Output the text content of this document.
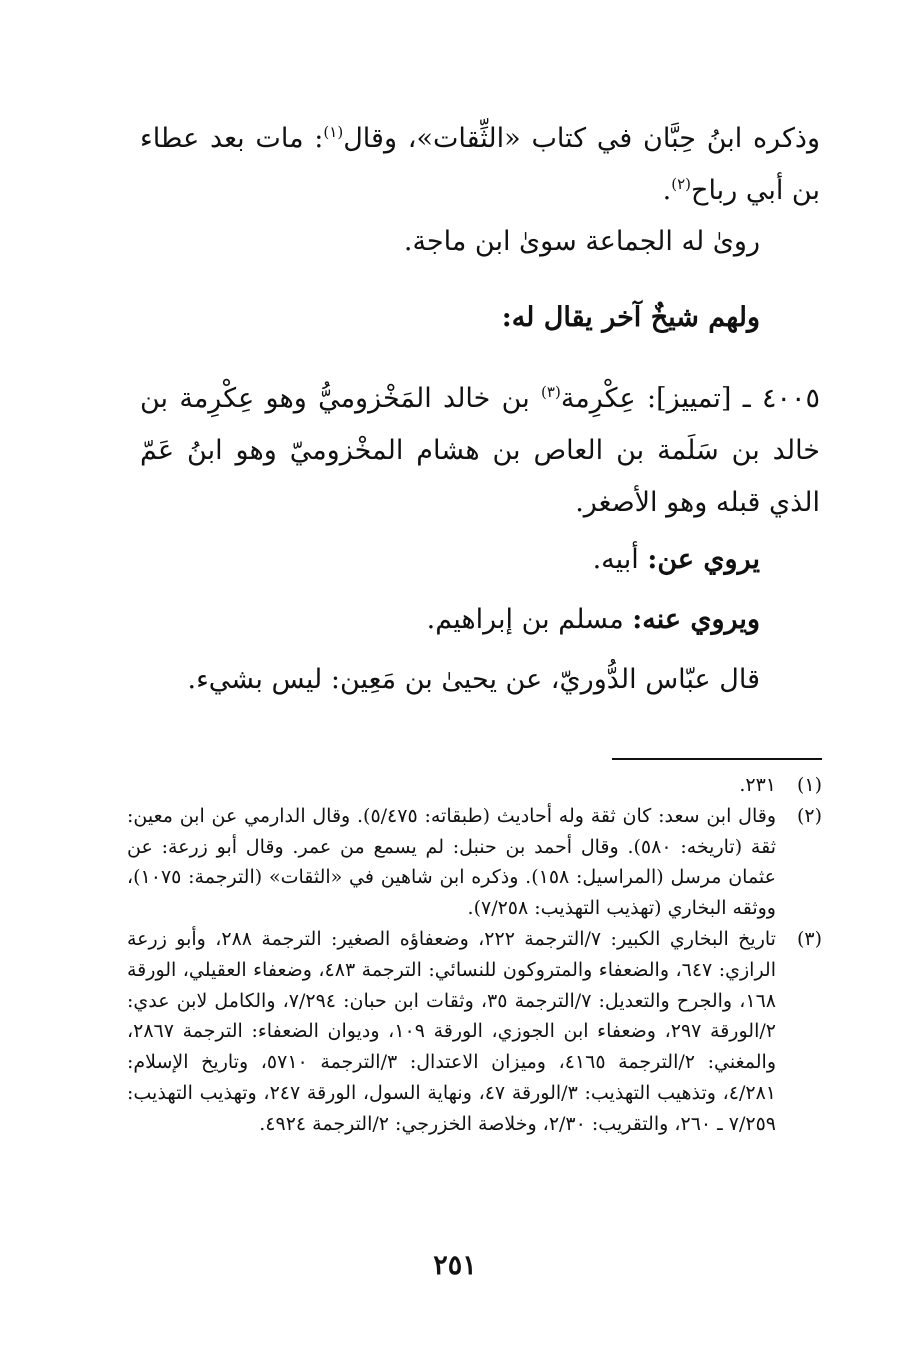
وذكره ابنُ حِبَّان في كتاب «الثِّقات»، وقال$^{(١)}$: مات بعد عطاء بن أبي رباح$^{(٢)}$.

روىٰ له الجماعة سوىٰ ابن ماجة.

ولهم شيخٌ آخر يقال له:

٤٠٠٥ ـ [تمييز]: عِكْرِمة$^{(٣)}$ بن خالد المَخْزوميُّ وهو عِكْرِمة بن خالد بن سَلَمة بن العاص بن هشام المخْزوميّ وهو ابنُ عَمّ الذي قبله وهو الأصغر.

يروي عن: أبيه.

ويروي عنه: مسلم بن إبراهيم.

قال عبّاس الدُّوريّ، عن يحيىٰ بن مَعِين: ليس بشيء.

(١)
٢٣١.

(٢)
وقال ابن سعد: كان ثقة وله أحاديث (طبقاته: ٥/٤٧٥). وقال الدارمي عن ابن معين: ثقة (تاريخه: ٥٨٠). وقال أحمد بن حنبل: لم يسمع من عمر. وقال أبو زرعة: عن عثمان مرسل (المراسيل: ١٥٨). وذكره ابن شاهين في «الثقات» (الترجمة: ١٠٧٥)، ووثقه البخاري (تهذيب التهذيب: ٧/٢٥٨).

(٣)
تاريخ البخاري الكبير: ٧/الترجمة ٢٢٢، وضعفاؤه الصغير: الترجمة ٢٨٨، وأبو زرعة الرازي: ٦٤٧، والضعفاء والمتروكون للنسائي: الترجمة ٤٨٣، وضعفاء العقيلي، الورقة ١٦٨، والجرح والتعديل: ٧/الترجمة ٣٥، وثقات ابن حبان: ٧/٢٩٤، والكامل لابن عدي: ٢/الورقة ٢٩٧، وضعفاء ابن الجوزي، الورقة ١٠٩، وديوان الضعفاء: الترجمة ٢٨٦٧، والمغني: ٢/الترجمة ٤١٦٥، وميزان الاعتدال: ٣/الترجمة ٥٧١٠، وتاريخ الإسلام: ٤/٢٨١، وتذهيب التهذيب: ٣/الورقة ٤٧، ونهاية السول، الورقة ٢٤٧، وتهذيب التهذيب: ٧/٢٥٩ ـ ٢٦٠، والتقريب: ٢/٣٠، وخلاصة الخزرجي: ٢/الترجمة ٤٩٢٤.

٢٥١
